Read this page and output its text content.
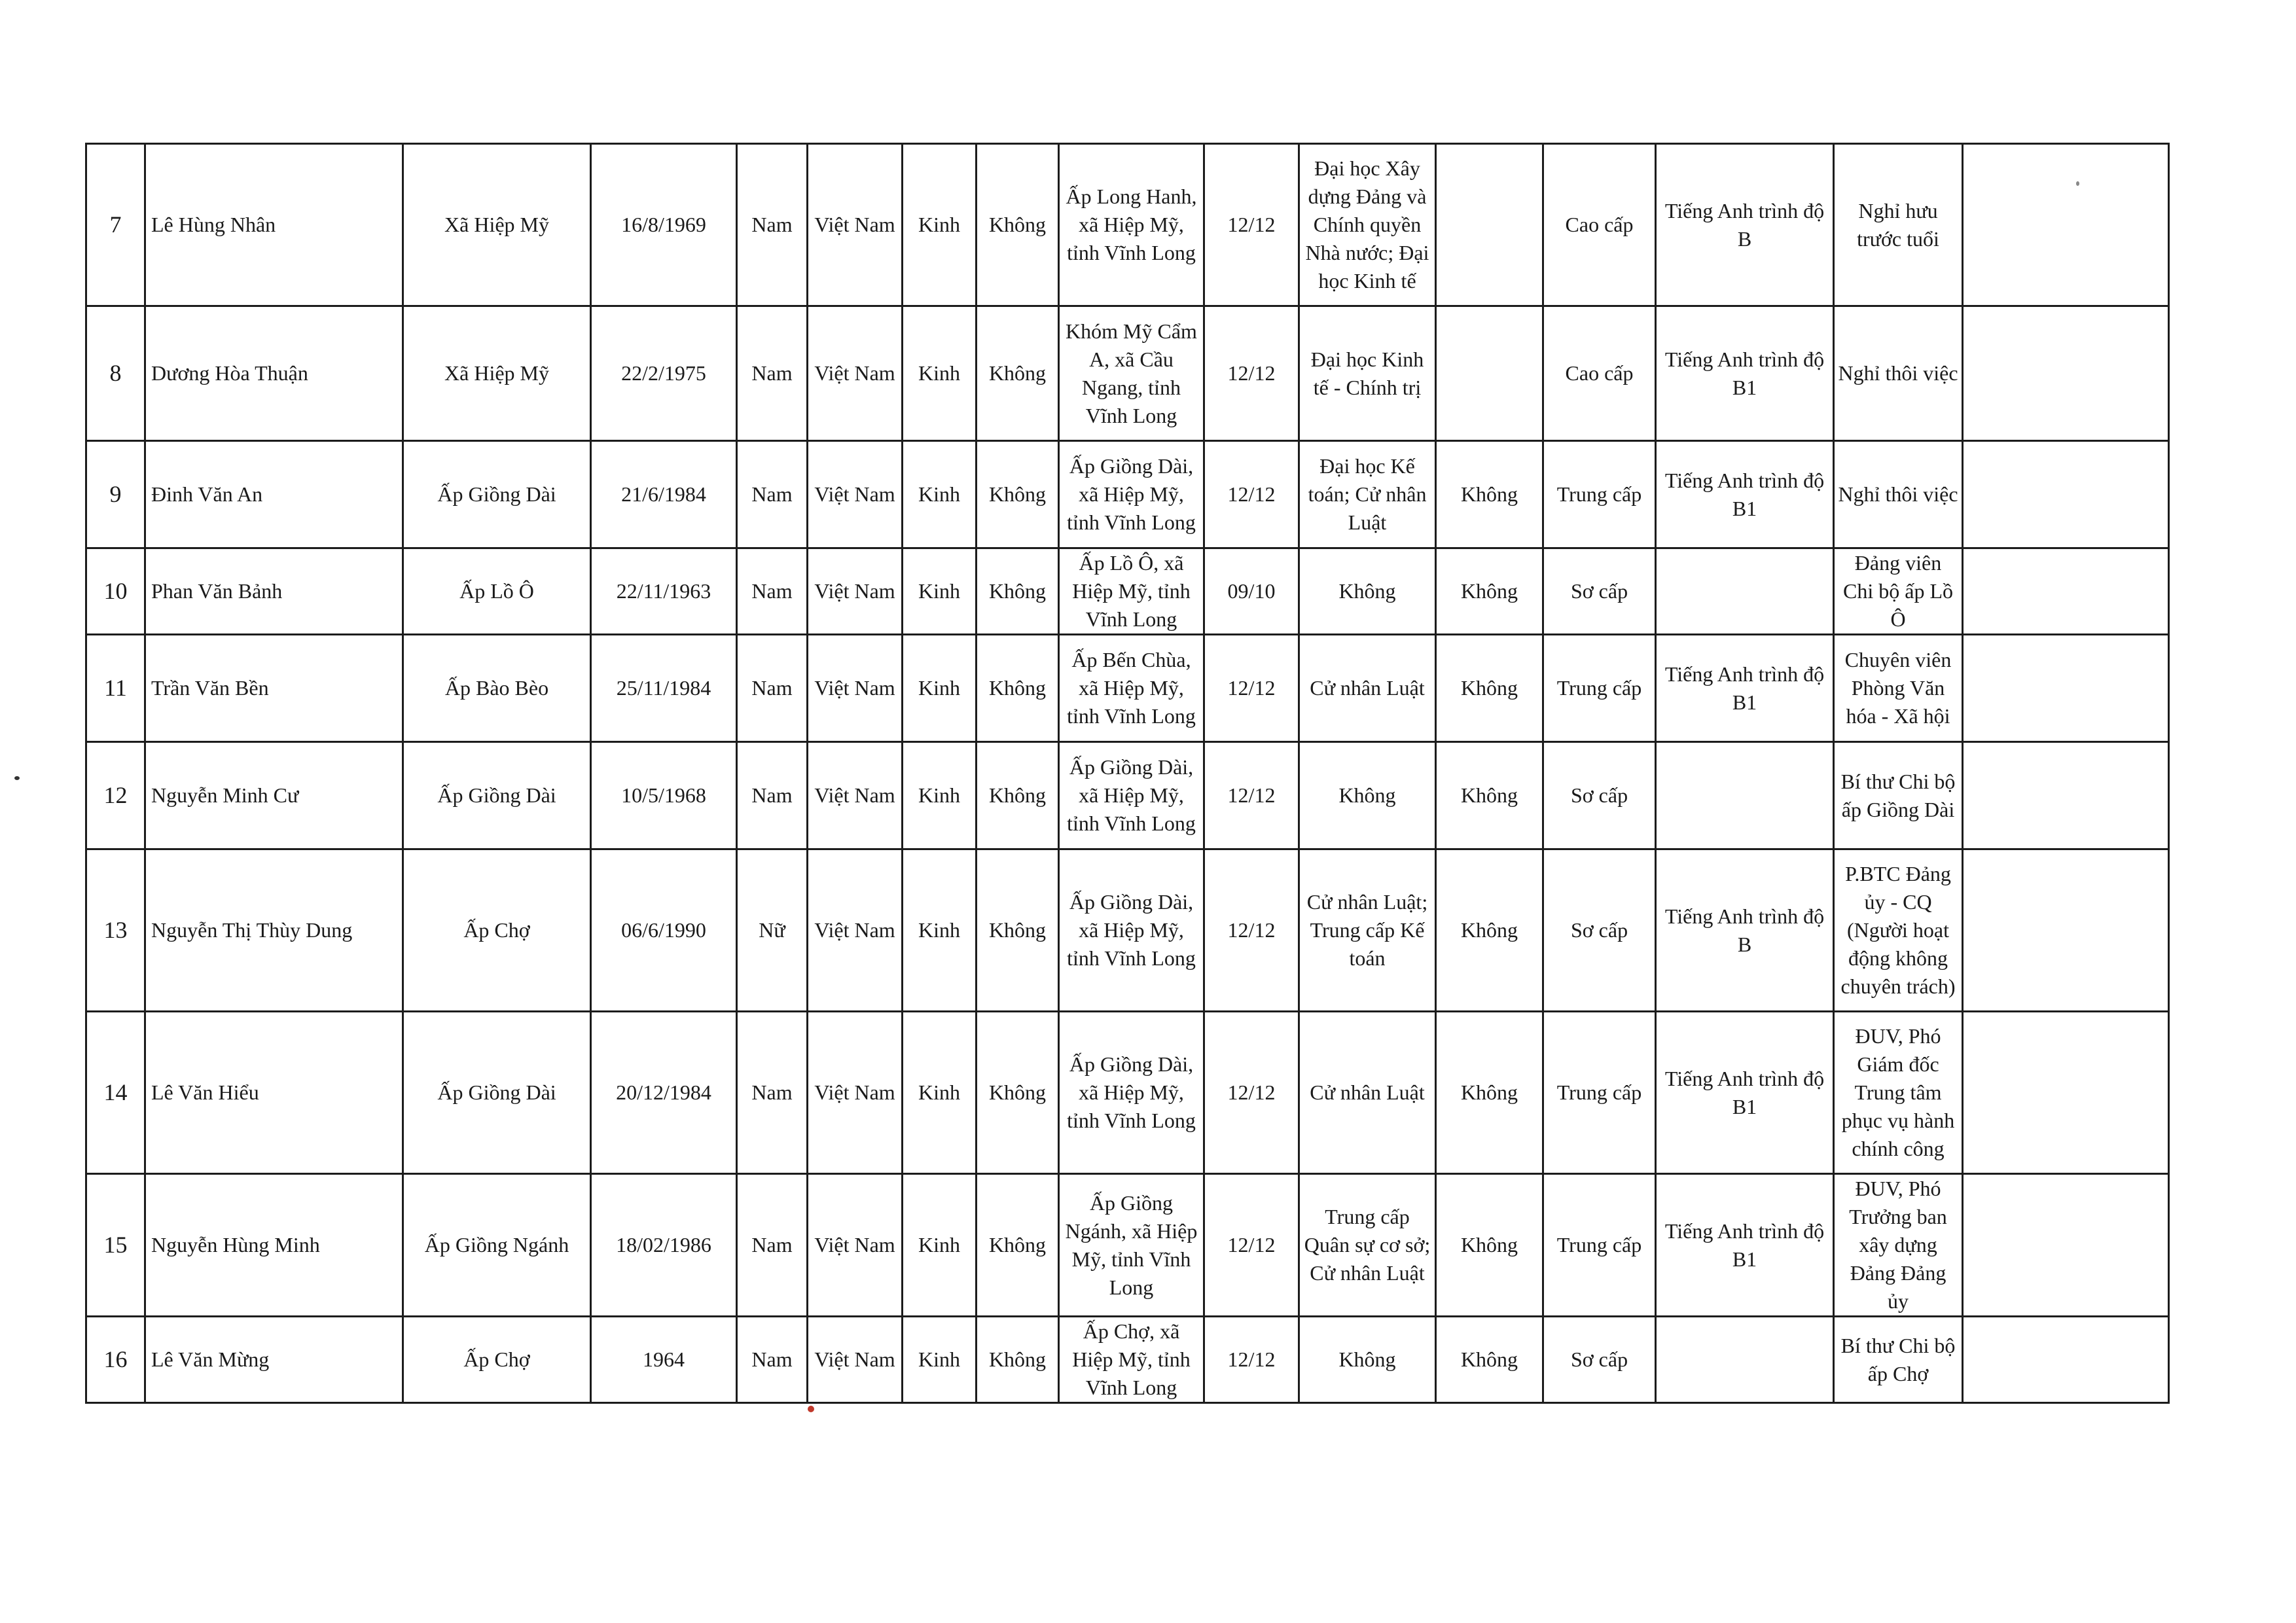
7	Lê Hùng Nhân	Xã Hiệp Mỹ	16/8/1969	Nam	Việt Nam	Kinh	Không	Ấp Long Hanh, xã Hiệp Mỹ, tỉnh Vĩnh Long	12/12	Đại học Xây dựng Đảng và Chính quyền Nhà nước; Đại học Kinh tế		Cao cấp	Tiếng Anh trình độ B	Nghỉ hưu trước tuổi	
8	Dương Hòa Thuận	Xã Hiệp Mỹ	22/2/1975	Nam	Việt Nam	Kinh	Không	Khóm Mỹ Cẩm A, xã Cầu Ngang, tỉnh Vĩnh Long	12/12	Đại học Kinh tế - Chính trị		Cao cấp	Tiếng Anh trình độ B1	Nghỉ thôi việc	
9	Đinh Văn An	Ấp Giồng Dài	21/6/1984	Nam	Việt Nam	Kinh	Không	Ấp Giồng Dài, xã Hiệp Mỹ, tỉnh Vĩnh Long	12/12	Đại học Kế toán; Cử nhân Luật	Không	Trung cấp	Tiếng Anh trình độ B1	Nghỉ thôi việc	
10	Phan Văn Bảnh	Ấp Lồ Ô	22/11/1963	Nam	Việt Nam	Kinh	Không	Ấp Lồ Ô, xã Hiệp Mỹ, tỉnh Vĩnh Long	09/10	Không	Không	Sơ cấp		Đảng viên Chi bộ ấp Lồ Ô	
11	Trần Văn Bền	Ấp Bào Bèo	25/11/1984	Nam	Việt Nam	Kinh	Không	Ấp Bến Chùa, xã Hiệp Mỹ, tỉnh Vĩnh Long	12/12	Cử nhân Luật	Không	Trung cấp	Tiếng Anh trình độ B1	Chuyên viên Phòng Văn hóa - Xã hội	
12	Nguyễn Minh Cư	Ấp Giồng Dài	10/5/1968	Nam	Việt Nam	Kinh	Không	Ấp Giồng Dài, xã Hiệp Mỹ, tỉnh Vĩnh Long	12/12	Không	Không	Sơ cấp		Bí thư Chi bộ ấp Giồng Dài	
13	Nguyễn Thị Thùy Dung	Ấp Chợ	06/6/1990	Nữ	Việt Nam	Kinh	Không	Ấp Giồng Dài, xã Hiệp Mỹ, tỉnh Vĩnh Long	12/12	Cử nhân Luật; Trung cấp Kế toán	Không	Sơ cấp	Tiếng Anh trình độ B	P.BTC Đảng ủy - CQ (Người hoạt động không chuyên trách)	
14	Lê Văn Hiểu	Ấp Giồng Dài	20/12/1984	Nam	Việt Nam	Kinh	Không	Ấp Giồng Dài, xã Hiệp Mỹ, tỉnh Vĩnh Long	12/12	Cử nhân Luật	Không	Trung cấp	Tiếng Anh trình độ B1	ĐUV, Phó Giám đốc Trung tâm phục vụ hành chính công	
15	Nguyễn Hùng Minh	Ấp Giồng Ngánh	18/02/1986	Nam	Việt Nam	Kinh	Không	Ấp Giồng Ngánh, xã Hiệp Mỹ, tỉnh Vĩnh Long	12/12	Trung cấp Quân sự cơ sở; Cử nhân Luật	Không	Trung cấp	Tiếng Anh trình độ B1	ĐUV, Phó Trưởng ban xây dựng Đảng Đảng ủy	
16	Lê Văn Mừng	Ấp Chợ	1964	Nam	Việt Nam	Kinh	Không	Ấp Chợ, xã Hiệp Mỹ, tỉnh Vĩnh Long	12/12	Không	Không	Sơ cấp		Bí thư Chi bộ ấp Chợ	
